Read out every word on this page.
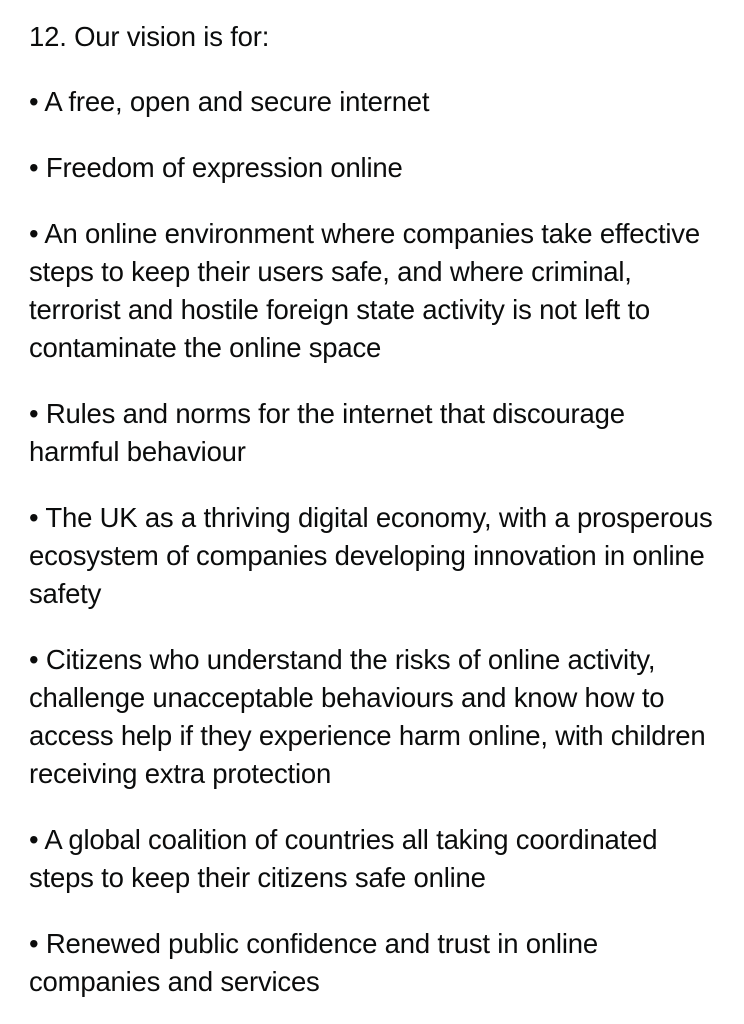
12. Our vision is for:

• A free, open and secure internet

• Freedom of expression online

• An online environment where companies take effective steps to keep their users safe, and where criminal, terrorist and hostile foreign state activity is not left to contaminate the online space

• Rules and norms for the internet that discourage harmful behaviour

• The UK as a thriving digital economy, with a prosperous ecosystem of companies developing innovation in online safety

• Citizens who understand the risks of online activity, challenge unacceptable behaviours and know how to access help if they experience harm online, with children receiving extra protection

• A global coalition of countries all taking coordinated steps to keep their citizens safe online

• Renewed public confidence and trust in online companies and services
